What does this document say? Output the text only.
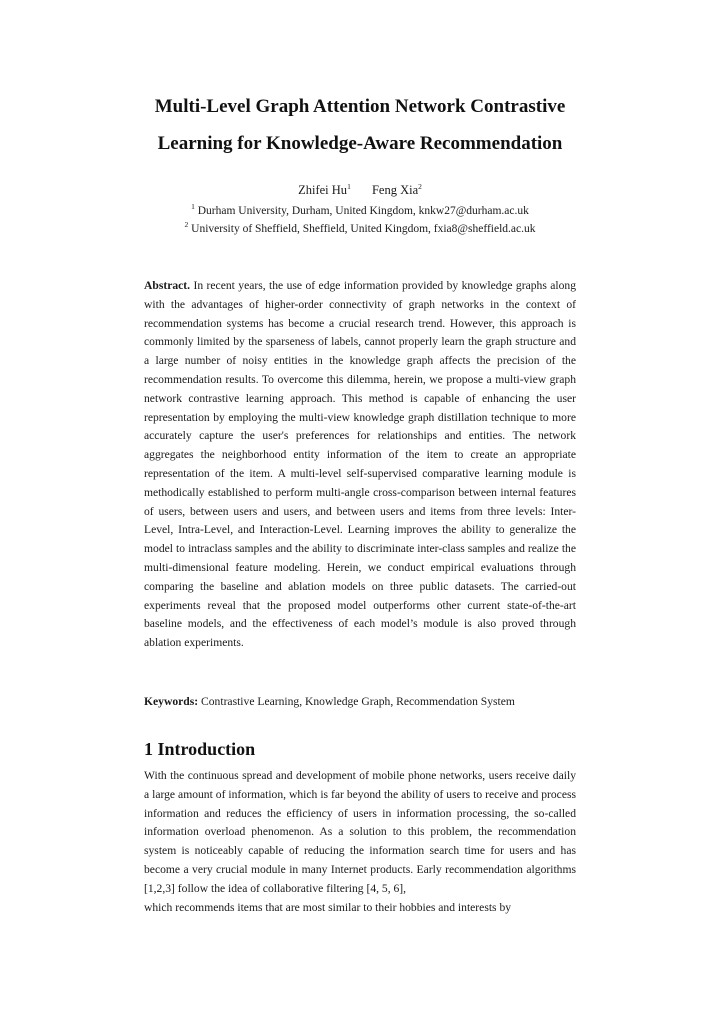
Multi-Level Graph Attention Network Contrastive
Learning for Knowledge-Aware Recommendation
Zhifei Hu$^1$ Feng Xia$^2$
$^1$ Durham University, Durham, United Kingdom, knkw27@durham.ac.uk
$^2$ University of Sheffield, Sheffield, United Kingdom, fxia8@sheffield.ac.uk
Abstract. In recent years, the use of edge information provided by knowledge graphs along with the advantages of higher-order connectivity of graph networks in the context of recommendation systems has become a crucial research trend. However, this approach is commonly limited by the sparseness of labels, cannot properly learn the graph structure and a large number of noisy entities in the knowledge graph affects the precision of the recommendation results. To overcome this dilemma, herein, we propose a multi-view graph network contrastive learning approach. This method is capable of enhancing the user representation by employing the multi-view knowledge graph distillation technique to more accurately capture the user's preferences for relationships and entities. The network aggregates the neighborhood entity information of the item to create an appropriate representation of the item. A multi-level self-supervised comparative learning module is methodically established to perform multi-angle cross-comparison between internal features of users, between users and users, and between users and items from three levels: Inter-Level, Intra-Level, and Interaction-Level. Learning improves the ability to generalize the model to intraclass samples and the ability to discriminate inter-class samples and realize the multi-dimensional feature modeling. Herein, we conduct empirical evaluations through comparing the baseline and ablation models on three public datasets. The carried-out experiments reveal that the proposed model outperforms other current state-of-the-art baseline models, and the effectiveness of each model’s module is also proved through ablation experiments.
Keywords: Contrastive Learning, Knowledge Graph, Recommendation System
1 Introduction
With the continuous spread and development of mobile phone networks, users receive daily a large amount of information, which is far beyond the ability of users to receive and process information and reduces the efficiency of users in information processing, the so-called information overload phenomenon. As a solution to this problem, the recommendation system is noticeably capable of reducing the information search time for users and has become a very crucial module in many Internet products. Early recommendation algorithms [1,2,3] follow the idea of collaborative filtering [4, 5, 6],
which recommends items that are most similar to their hobbies and interests by
